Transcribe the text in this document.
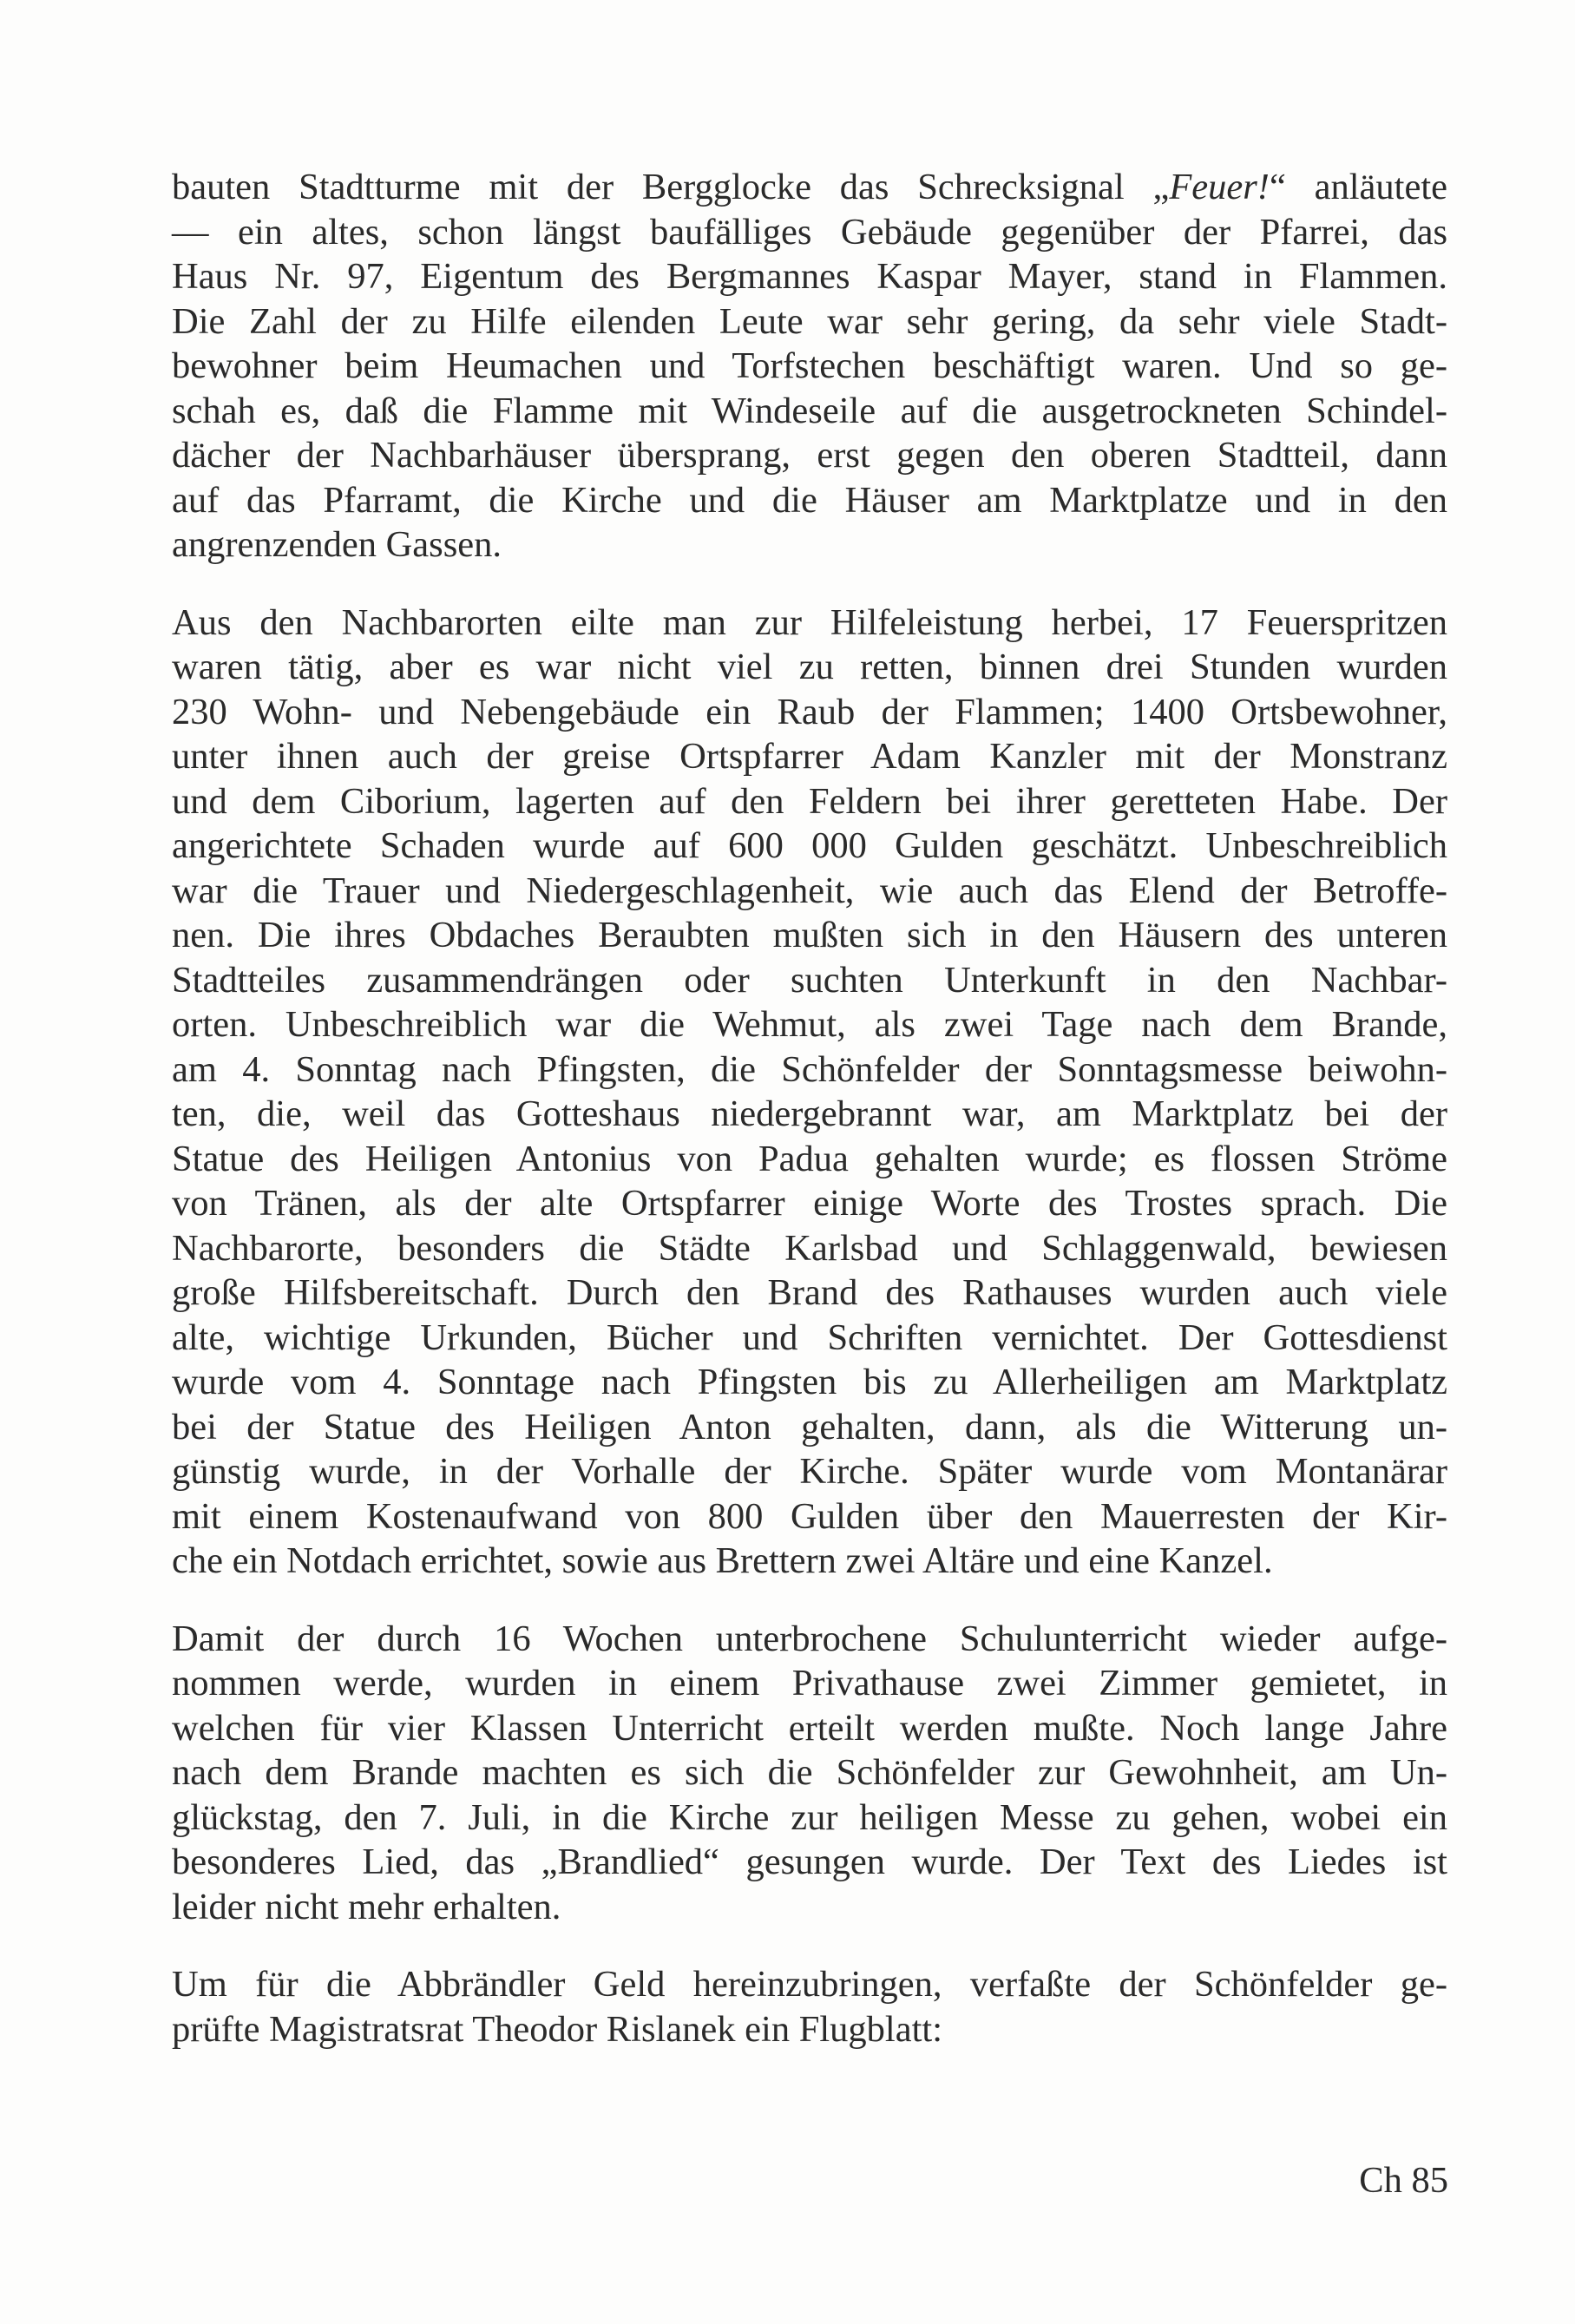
bauten Stadtturme mit der Bergglocke das Schrecksignal „Feuer!“ anläutete
— ein altes, schon längst baufälliges Gebäude gegenüber der Pfarrei, das
Haus Nr. 97, Eigentum des Bergmannes Kaspar Mayer, stand in Flammen.
Die Zahl der zu Hilfe eilenden Leute war sehr gering, da sehr viele Stadt-
bewohner beim Heumachen und Torfstechen beschäftigt waren. Und so ge-
schah es, daß die Flamme mit Windeseile auf die ausgetrockneten Schindel-
dächer der Nachbarhäuser übersprang, erst gegen den oberen Stadtteil, dann
auf das Pfarramt, die Kirche und die Häuser am Marktplatze und in den
angrenzenden Gassen.
Aus den Nachbarorten eilte man zur Hilfeleistung herbei, 17 Feuerspritzen
waren tätig, aber es war nicht viel zu retten, binnen drei Stunden wurden
230 Wohn- und Nebengebäude ein Raub der Flammen; 1400 Ortsbewohner,
unter ihnen auch der greise Ortspfarrer Adam Kanzler mit der Monstranz
und dem Ciborium, lagerten auf den Feldern bei ihrer geretteten Habe. Der
angerichtete Schaden wurde auf 600 000 Gulden geschätzt. Unbeschreiblich
war die Trauer und Niedergeschlagenheit, wie auch das Elend der Betroffe-
nen. Die ihres Obdaches Beraubten mußten sich in den Häusern des unteren
Stadtteiles zusammendrängen oder suchten Unterkunft in den Nachbar-
orten. Unbeschreiblich war die Wehmut, als zwei Tage nach dem Brande,
am 4. Sonntag nach Pfingsten, die Schönfelder der Sonntagsmesse beiwohn-
ten, die, weil das Gotteshaus niedergebrannt war, am Marktplatz bei der
Statue des Heiligen Antonius von Padua gehalten wurde; es flossen Ströme
von Tränen, als der alte Ortspfarrer einige Worte des Trostes sprach. Die
Nachbarorte, besonders die Städte Karlsbad und Schlaggenwald, bewiesen
große Hilfsbereitschaft. Durch den Brand des Rathauses wurden auch viele
alte, wichtige Urkunden, Bücher und Schriften vernichtet. Der Gottesdienst
wurde vom 4. Sonntage nach Pfingsten bis zu Allerheiligen am Marktplatz
bei der Statue des Heiligen Anton gehalten, dann, als die Witterung un-
günstig wurde, in der Vorhalle der Kirche. Später wurde vom Montanärar
mit einem Kostenaufwand von 800 Gulden über den Mauerresten der Kir-
che ein Notdach errichtet, sowie aus Brettern zwei Altäre und eine Kanzel.
Damit der durch 16 Wochen unterbrochene Schulunterricht wieder aufge-
nommen werde, wurden in einem Privathause zwei Zimmer gemietet, in
welchen für vier Klassen Unterricht erteilt werden mußte. Noch lange Jahre
nach dem Brande machten es sich die Schönfelder zur Gewohnheit, am Un-
glückstag, den 7. Juli, in die Kirche zur heiligen Messe zu gehen, wobei ein
besonderes Lied, das „Brandlied“ gesungen wurde. Der Text des Liedes ist
leider nicht mehr erhalten.
Um für die Abbrändler Geld hereinzubringen, verfaßte der Schönfelder ge-
prüfte Magistratsrat Theodor Rislanek ein Flugblatt:
Ch 85
